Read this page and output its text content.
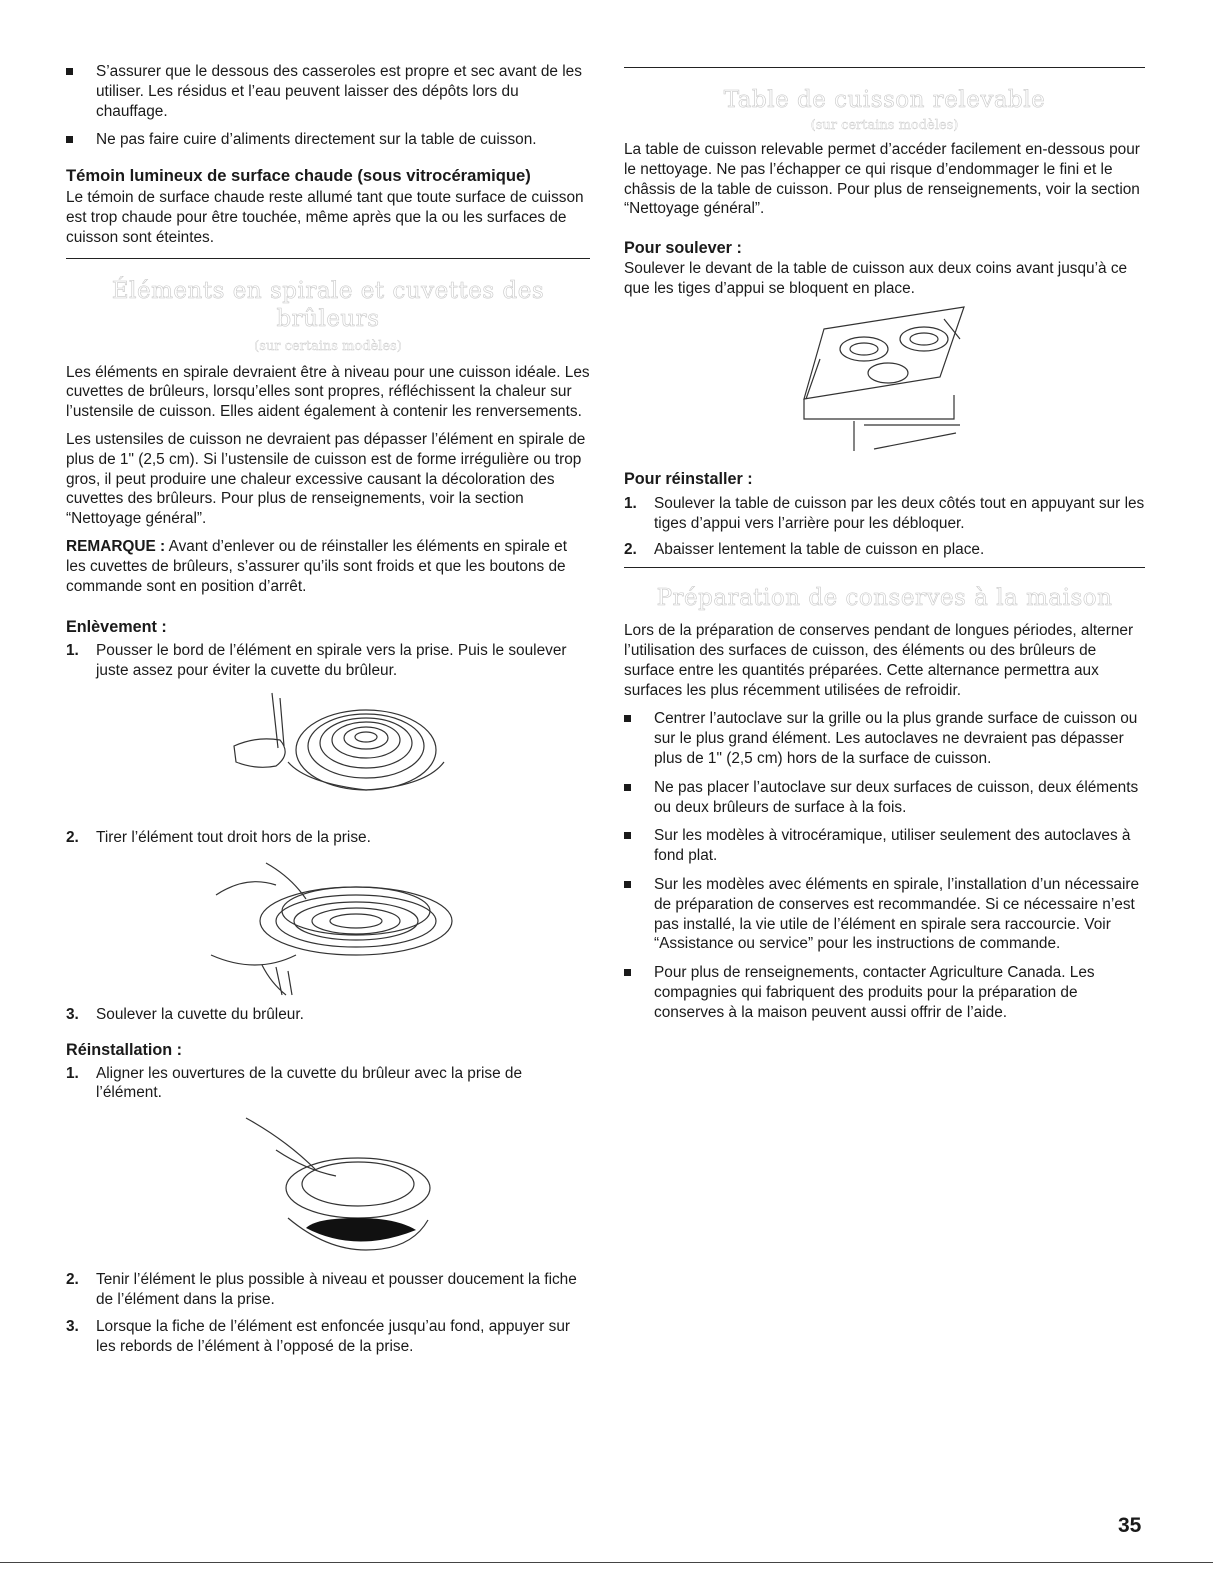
S’assurer que le dessous des casseroles est propre et sec avant de les utiliser. Les résidus et l’eau peuvent laisser des dépôts lors du chauffage.
Ne pas faire cuire d’aliments directement sur la table de cuisson.
Témoin lumineux de surface chaude (sous vitrocéramique)

Le témoin de surface chaude reste allumé tant que toute surface de cuisson est trop chaude pour être touchée, même après que la ou les surfaces de cuisson sont éteintes.

Éléments en spirale et cuvettes des brûleurs
(sur certains modèles)

Les éléments en spirale devraient être à niveau pour une cuisson idéale. Les cuvettes de brûleurs, lorsqu’elles sont propres, réfléchissent la chaleur sur l’ustensile de cuisson. Elles aident également à contenir les renversements.

Les ustensiles de cuisson ne devraient pas dépasser l’élément en spirale de plus de 1" (2,5 cm). Si l’ustensile de cuisson est de forme irrégulière ou trop gros, il peut produire une chaleur excessive causant la décoloration des cuvettes des brûleurs. Pour plus de renseignements, voir la section “Nettoyage général”.

REMARQUE : Avant d’enlever ou de réinstaller les éléments en spirale et les cuvettes de brûleurs, s’assurer qu’ils sont froids et que les boutons de commande sont en position d’arrêt.

Enlèvement :
1. Pousser le bord de l’élément en spirale vers la prise. Puis le soulever juste assez pour éviter la cuvette du brûleur.
2. Tirer l’élément tout droit hors de la prise.
3. Soulever la cuvette du brûleur.
Réinstallation :
1. Aligner les ouvertures de la cuvette du brûleur avec la prise de l’élément.
2. Tenir l’élément le plus possible à niveau et pousser doucement la fiche de l’élément dans la prise.
3. Lorsque la fiche de l’élément est enfoncée jusqu’au fond, appuyer sur les rebords de l’élément à l’opposé de la prise.
Table de cuisson relevable
(sur certains modèles)

La table de cuisson relevable permet d’accéder facilement en-dessous pour le nettoyage. Ne pas l’échapper ce qui risque d’endommager le fini et le châssis de la table de cuisson. Pour plus de renseignements, voir la section “Nettoyage général”.

Pour soulever :

Soulever le devant de la table de cuisson aux deux coins avant jusqu’à ce que les tiges d’appui se bloquent en place.

Pour réinstaller :
1. Soulever la table de cuisson par les deux côtés tout en appuyant sur les tiges d’appui vers l’arrière pour les débloquer.
2. Abaisser lentement la table de cuisson en place.
Préparation de conserves à la maison

Lors de la préparation de conserves pendant de longues périodes, alterner l’utilisation des surfaces de cuisson, des éléments ou des brûleurs de surface entre les quantités préparées. Cette alternance permettra aux surfaces les plus récemment utilisées de refroidir.

Centrer l’autoclave sur la grille ou la plus grande surface de cuisson ou sur le plus grand élément. Les autoclaves ne devraient pas dépasser plus de 1" (2,5 cm) hors de la surface de cuisson.
Ne pas placer l’autoclave sur deux surfaces de cuisson, deux éléments ou deux brûleurs de surface à la fois.
Sur les modèles à vitrocéramique, utiliser seulement des autoclaves à fond plat.
Sur les modèles avec éléments en spirale, l’installation d’un nécessaire de préparation de conserves est recommandée. Si ce nécessaire n’est pas installé, la vie utile de l’élément en spirale sera raccourcie. Voir “Assistance ou service” pour les instructions de commande.
Pour plus de renseignements, contacter Agriculture Canada. Les compagnies qui fabriquent des produits pour la préparation de conserves à la maison peuvent aussi offrir de l’aide.
35
